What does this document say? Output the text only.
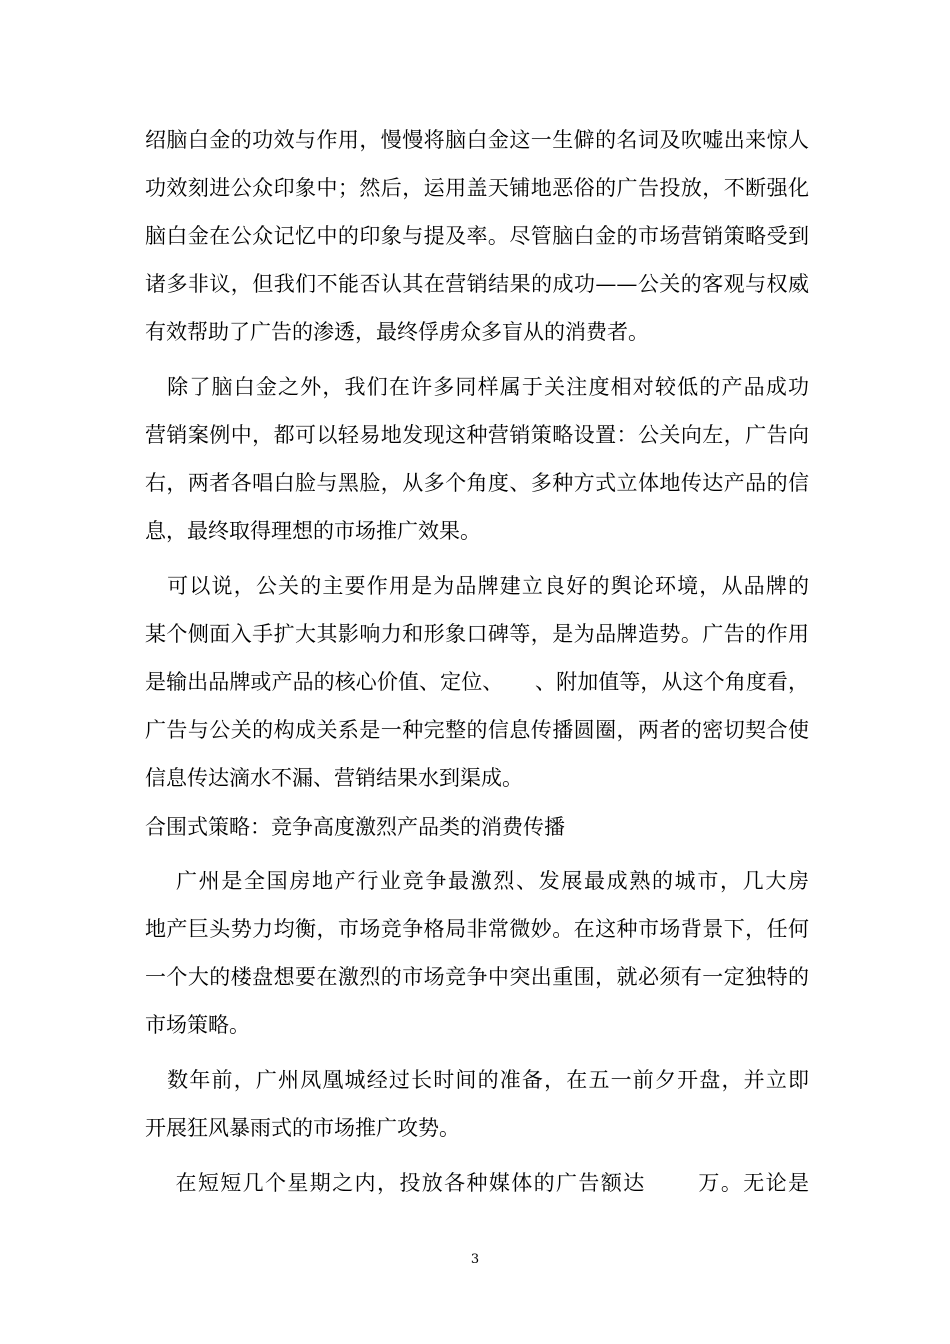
绍脑白金的功效与作用，慢慢将脑白金这一生僻的名词及吹嘘出来惊人
功效刻进公众印象中；然后，运用盖天铺地恶俗的广告投放，不断强化
脑白金在公众记忆中的印象与提及率。尽管脑白金的市场营销策略受到
诸多非议，但我们不能否认其在营销结果的成功——公关的客观与权威
有效帮助了广告的渗透，最终俘虏众多盲从的消费者。
　除了脑白金之外，我们在许多同样属于关注度相对较低的产品成功
营销案例中，都可以轻易地发现这种营销策略设置：公关向左，广告向
右，两者各唱白脸与黑脸，从多个角度、多种方式立体地传达产品的信
息，最终取得理想的市场推广效果。
　可以说，公关的主要作用是为品牌建立良好的舆论环境，从品牌的
某个侧面入手扩大其影响力和形象口碑等，是为品牌造势。广告的作用
是输出品牌或产品的核心价值、定位、　　、附加值等，从这个角度看，
广告与公关的构成关系是一种完整的信息传播圆圈，两者的密切契合使
信息传达滴水不漏、营销结果水到渠成。
合围式策略：竞争高度激烈产品类的消费传播
　 广州是全国房地产行业竞争最激烈、发展最成熟的城市，几大房
地产巨头势力均衡，市场竞争格局非常微妙。在这种市场背景下，任何
一个大的楼盘想要在激烈的市场竞争中突出重围，就必须有一定独特的
市场策略。
　数年前，广州凤凰城经过长时间的准备，在五一前夕开盘，并立即
开展狂风暴雨式的市场推广攻势。
　 在短短几个星期之内，投放各种媒体的广告额达　　 万。无论是
3
